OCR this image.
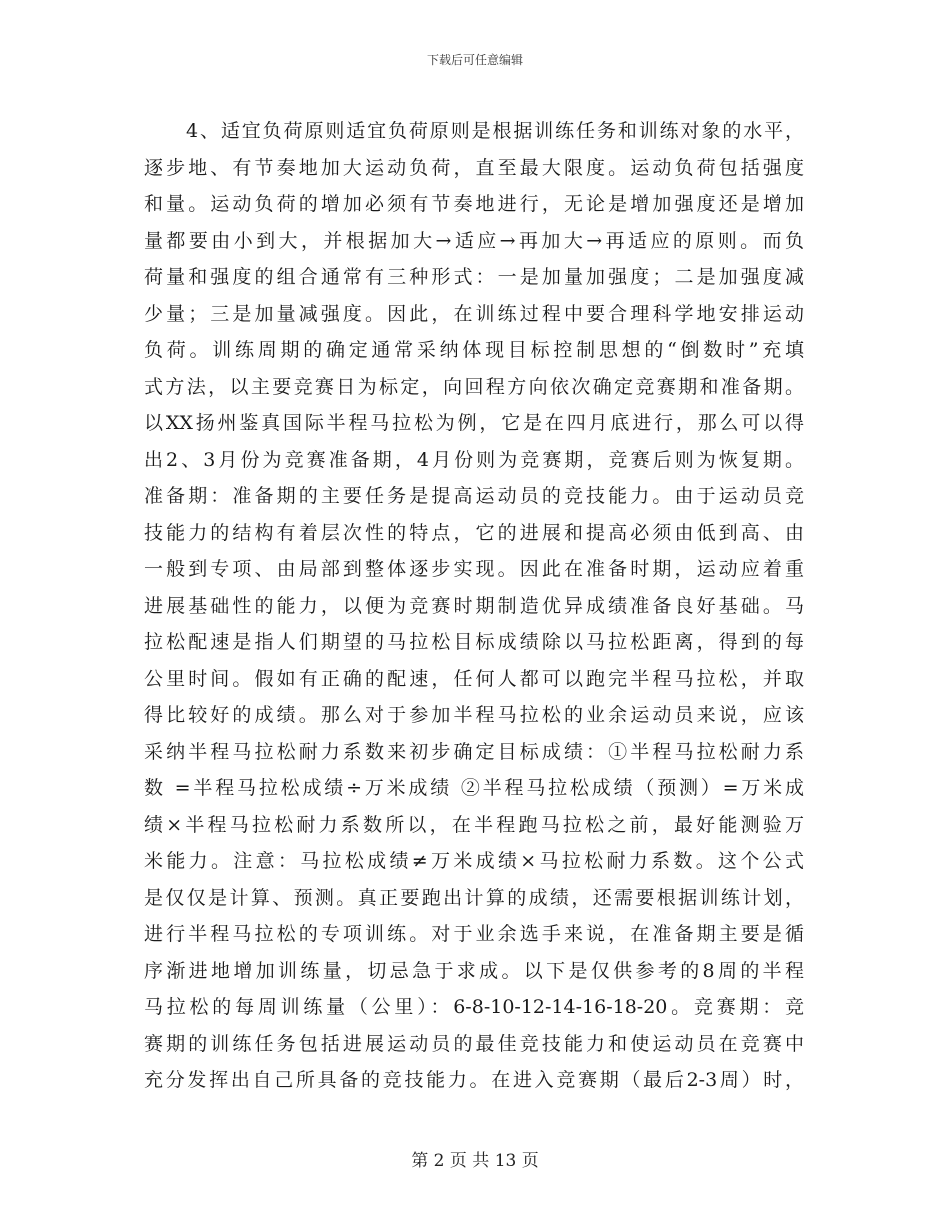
下载后可任意编辑
4、适宜负荷原则适宜负荷原则是根据训练任务和训练对象的水平，
逐步地、有节奏地加大运动负荷，直至最大限度。运动负荷包括强度
和量。运动负荷的增加必须有节奏地进行，无论是增加强度还是增加
量都要由小到大，并根据加大→适应→再加大→再适应的原则。而负
荷量和强度的组合通常有三种形式：一是加量加强度；二是加强度减
少量；三是加量减强度。因此，在训练过程中要合理科学地安排运动
负荷。训练周期的确定通常采纳体现目标控制思想的“倒数时”充填
式方法，以主要竞赛日为标定，向回程方向依次确定竞赛期和准备期。
以XX扬州鉴真国际半程马拉松为例，它是在四月底进行，那么可以得
出2、3月份为竞赛准备期，4月份则为竞赛期，竞赛后则为恢复期。
准备期：准备期的主要任务是提高运动员的竞技能力。由于运动员竞
技能力的结构有着层次性的特点，它的进展和提高必须由低到高、由
一般到专项、由局部到整体逐步实现。因此在准备时期，运动应着重
进展基础性的能力，以便为竞赛时期制造优异成绩准备良好基础。马
拉松配速是指人们期望的马拉松目标成绩除以马拉松距离，得到的每
公里时间。假如有正确的配速，任何人都可以跑完半程马拉松，并取
得比较好的成绩。那么对于参加半程马拉松的业余运动员来说，应该
采纳半程马拉松耐力系数来初步确定目标成绩：①半程马拉松耐力系
数 =半程马拉松成绩÷万米成绩 ②半程马拉松成绩（预测）=万米成
绩×半程马拉松耐力系数所以，在半程跑马拉松之前，最好能测验万
米能力。注意：马拉松成绩≠万米成绩×马拉松耐力系数。这个公式
是仅仅是计算、预测。真正要跑出计算的成绩，还需要根据训练计划，
进行半程马拉松的专项训练。对于业余选手来说，在准备期主要是循
序渐进地增加训练量，切忌急于求成。以下是仅供参考的8周的半程
马拉松的每周训练量（公里）：6-8-10-12-14-16-18-20。竞赛期：竞
赛期的训练任务包括进展运动员的最佳竞技能力和使运动员在竞赛中
充分发挥出自己所具备的竞技能力。在进入竞赛期（最后2-3周）时，
第 2 页 共 13 页
